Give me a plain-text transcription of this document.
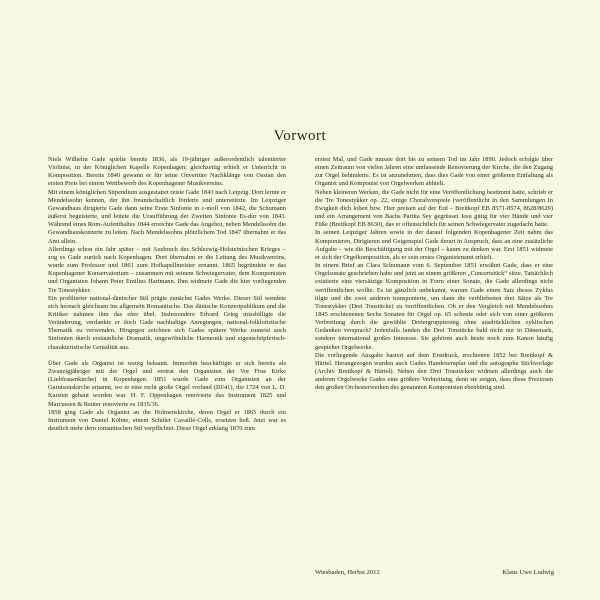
Vorwort

Niels Wilhelm Gade spielte bereits 1836, als 19-jähriger außerordentlich talentierter Violinist, in der Königlichen Kapelle Kopenhagen; gleichzeitig erhielt er Unterricht in Komposition. Bereits 1840 gewann er für seine Ouvertüre Nachklänge von Ossian den ersten Preis bei einem Wettbewerb des Kopenhagener Musikvereins.

Mit einem königlichen Stipendium ausgestattet reiste Gade 1843 nach Leipzig. Dort lernte er Mendelssohn kennen, der ihn freundschaftlich förderte und unterstützte. Im Leipziger Gewandhaus dirigierte Gade dann seine Erste Sinfonie in c-moll von 1842, die Schumann äußerst begeisterte, und leitete die Uraufführung der Zweiten Sinfonie Es-dur von 1843. Während eines Rom-Aufenthaltes 1844 erreichte Gade das Angebot, neben Mendelssohn die Gewandhauskonzerte zu leiten. Nach Mendelssohns plötzlichem Tod 1847 übernahm er das Amt allein.

Allerdings schon ein Jahr später – mit Ausbruch des Schleswig-Holsteinischen Krieges – zog es Gade zurück nach Kopenhagen. Dort übernahm er die Leitung des Musikvereins, wurde zum Professor und 1861 zum Hofkapellmeister ernannt. 1865 begründete er das Kopenhagener Konservatorium – zusammen mit seinem Schwiegervater, dem Komponisten und Organisten Johann Peter Emilius Hartmann. Ihm widmete Gade die hier vorliegenden Tre Tonestykker.

Ein profilierter national-dänischer Stil prägte zunächst Gades Werke. Dieser Stil wendete sich hernach gleichsam ins allgemein Romantische. Das dänische Konzertpublikum und die Kritiker nahmen ihm das eher übel. Insbesondere Edvard Grieg missbilligte die Veränderung, verdankte er doch Gade nachhaltige Anregungen, national-folkloristische Thematik zu verwenden. Hingegen zeichnen sich Gades spätere Werke zumeist auch Sinfonien durch erstaunliche Dramatik, ungewöhnliche Harmonik und eigenschöpferisch-charakteristische Genialität aus.

Über Gade als Organist ist wenig bekannt. Immerhin beschäftigte er sich bereits als Zwanzigjähriger mit der Orgel und vertrat den Organisten der Vor Frue Kirke (Liebfrauenkirche) in Kopenhagen. 1851 wurde Gade zum Organisten an der Garnisonskirche ernannt, wo er eine recht große Orgel vorfand (III/41), die 1724 von L. D. Karsten gebaut worden war. H. F. Oppenhagen renovierte das Instrument 1825 und Marcussen & Reuter renovierte es 1835/36.

1858 ging Gade als Organist an die Holmenskirche, deren Orgel er 1865 durch ein Instrument von Daniel Köhne, einem Schüler Cavaillé-Colls, ersetzen ließ. Jetzt war es deutlich mehr dem romantischen Stil verpflichtet. Diese Orgel erklang 1870 zum

ersten Mal, und Gade musste dort bis zu seinem Tod im Jahr 1890. Jedoch erfolgte über einen Zeitraum von vielen Jahren eine umfassende Renovierung der Kirche, die den Zugang zur Orgel behinderte. Es ist anzunehmen, dass dies Gade von einer größeren Entfaltung als Organist und Komponist von Orgelwerken abhielt.

Neben kleineren Werken, die Gade nicht für eine Veröffentlichung bestimmt hatte, schrieb er die Tre Tonestykker op. 22, einige Choralvorspiele (veröffentlicht in den Sammlungen In Ewigkeit dich loben bzw. Hier preisen auf der Erd – Breitkopf EB 8571-8574, 8628/8629) und ein Arrangement von Bachs Partita Sey gegrüsset Jesu gütig für vier Hände und vier Füße (Breitkopf EB 8630), das er offensichtlich für seinen Schwiegervater zugedacht hatte.

In seinen Leipziger Jahren sowie in der darauf folgenden Kopenhagener Zeit nahm das Komponieren, Dirigieren und Geigenspiel Gade derart in Anspruch, dass an eine zusätzliche Aufgabe – wie die Beschäftigung mit der Orgel – kaum zu denken war. Erst 1851 widmete er sich der Orgelkomposition, als er sein erstes Organistenamt erhielt.

In einem Brief an Clara Schumann vom 6. September 1851 erwähnt Gade, dass er eine Orgelsonate geschrieben habe und jetzt an einem größeren „Concertstück“ sitze. Tatsächlich existierte eine viersätzige Komposition in Form einer Sonate, die Gade allerdings nicht veröffentlichen wollte. Es ist gänzlich unbekannt, warum Gade einen Satz dieses Zyklus tilgte und die zwei anderen transponierte, um dann die verbliebenen drei Sätze als Tre Tonestykker (Drei Tonstücke) zu veröffentlichen. Ob er den Vergleich mit Mendelssohns 1845 erschienenen Sechs Sonaten für Orgel op. 65 scheute oder sich von einer größeren Verbreitung durch die gewählte Dreiergruppierung ohne ausdrücklichen zyklischen Gedanken versprach? Jedenfalls fanden die Drei Tonstücke bald nicht nur in Dänemark, sondern international großes Interesse. Sie gehören auch heute noch zum Kanon häufig gespielter Orgelwerke.

Die vorliegende Ausgabe basiert auf dem Erstdruck, erschienen 1852 bei Breitkopf & Härtel. Herangezogen wurden auch Gades Handexemplar und die autographe Stichvorlage (Archiv Breitkopf & Härtel). Neben den Drei Tonstücken widmen allerdings auch die anderen Orgelwerke Gades eine größere Verbreitung, denn sie zeigen, dass diese Preziosen den großen Orchesterwerken des genannten Komponisten ebenbürtig sind.

Wiesbaden, Herbst 2012	Klaus Uwe Ludwig
